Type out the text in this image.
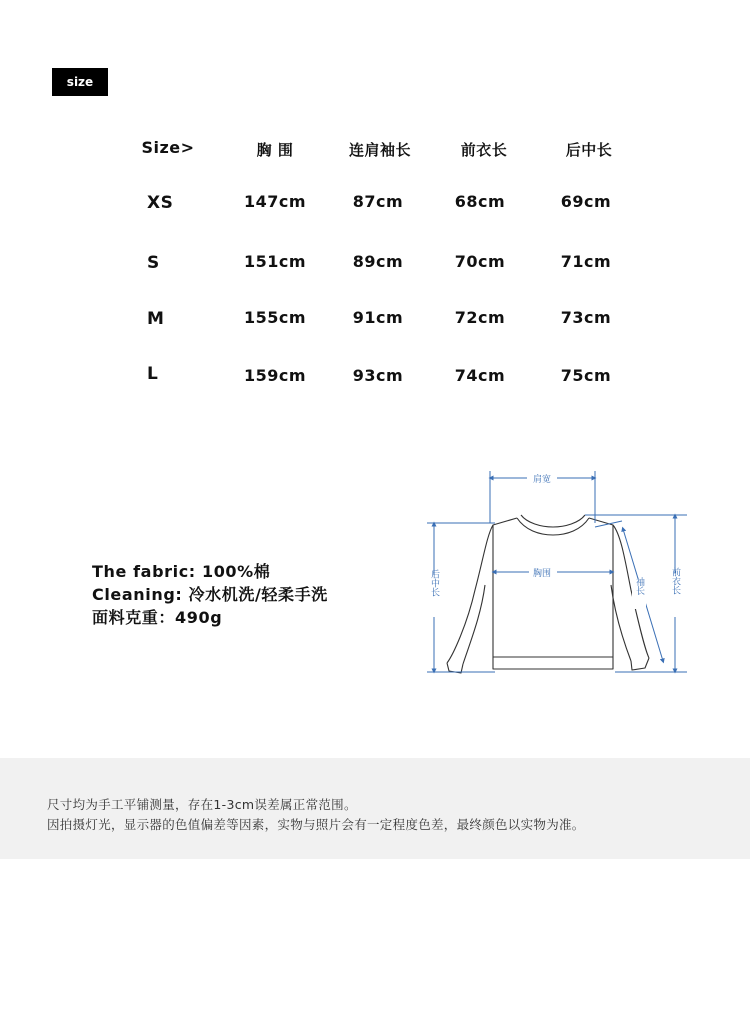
size
Size>	胸 围	连肩袖长	前衣长	后中长
XS	147cm	87cm	68cm	69cm
S	151cm	89cm	70cm	71cm
M	155cm	91cm	72cm	73cm
L	159cm	93cm	74cm	75cm
The fabric: 100%棉
Cleaning: 冷水机洗/轻柔手洗
面料克重：490g
肩宽
胸围
后中长	前衣长
袖长
尺寸均为手工平铺测量，存在1-3cm误差属正常范围。
因拍摄灯光，显示器的色值偏差等因素，实物与照片会有一定程度色差，最终颜色以实物为准。
